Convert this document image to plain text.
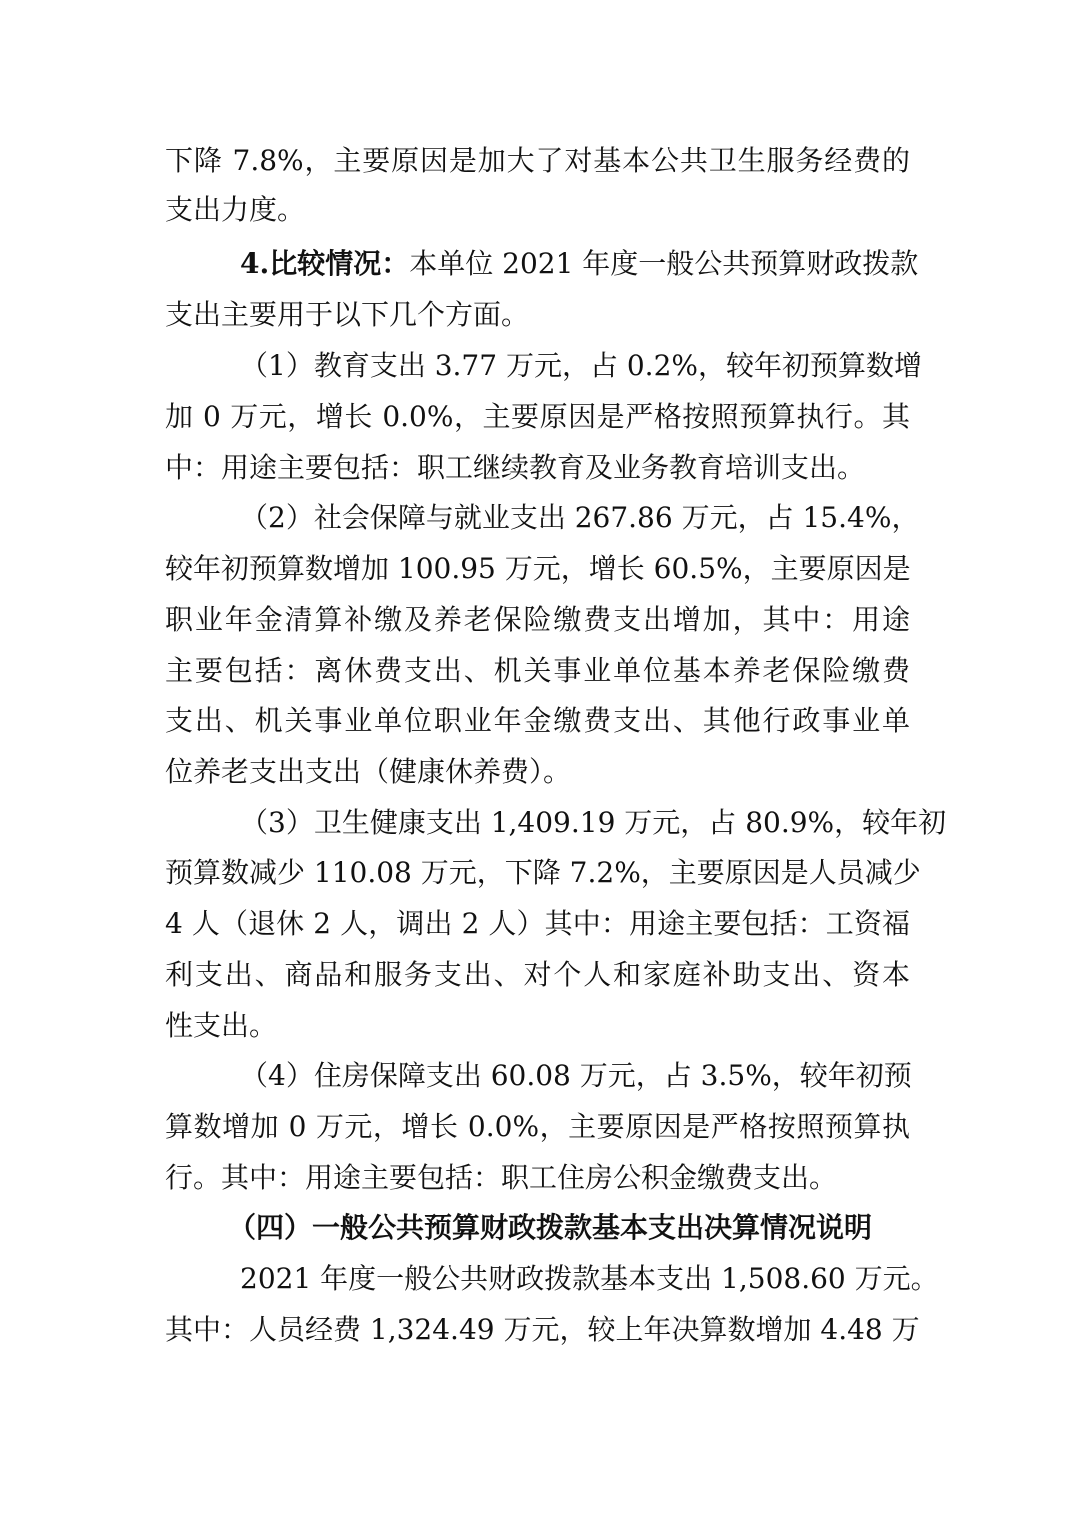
下降 7.8%，主要原因是加大了对基本公共卫生服务经费的
支出力度。
4.比较情况：本单位 2021 年度一般公共预算财政拨款
支出主要用于以下几个方面。
（1）教育支出 3.77 万元，占 0.2%，较年初预算数增
加 0 万元，增长 0.0%，主要原因是严格按照预算执行。其
中：用途主要包括：职工继续教育及业务教育培训支出。
（2）社会保障与就业支出 267.86 万元，占 15.4%，
较年初预算数增加 100.95 万元，增长 60.5%，主要原因是
职业年金清算补缴及养老保险缴费支出增加，其中：用途
主要包括：离休费支出、机关事业单位基本养老保险缴费
支出、机关事业单位职业年金缴费支出、其他行政事业单
位养老支出支出（健康休养费）。
（3）卫生健康支出 1,409.19 万元，占 80.9%，较年初
预算数减少 110.08 万元，下降 7.2%，主要原因是人员减少
4 人（退休 2 人，调出 2 人）其中：用途主要包括：工资福
利支出、商品和服务支出、对个人和家庭补助支出、资本
性支出。
（4）住房保障支出 60.08 万元，占 3.5%，较年初预
算数增加 0 万元，增长 0.0%，主要原因是严格按照预算执
行。其中：用途主要包括：职工住房公积金缴费支出。
（四）一般公共预算财政拨款基本支出决算情况说明
2021 年度一般公共财政拨款基本支出 1,508.60 万元。
其中：人员经费 1,324.49 万元，较上年决算数增加 4.48 万
